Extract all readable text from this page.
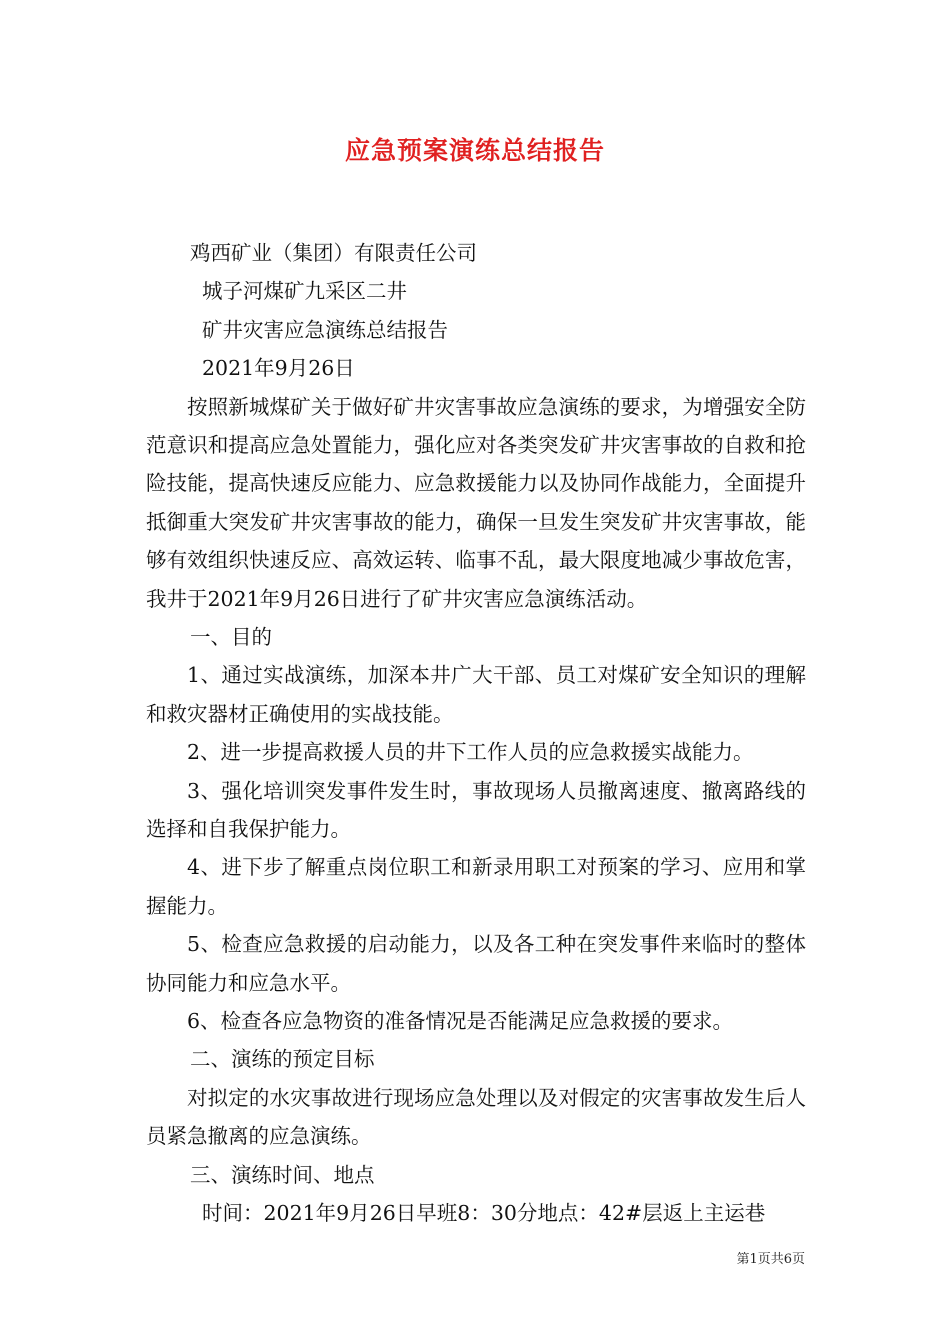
应急预案演练总结报告
鸡西矿业（集团）有限责任公司
城子河煤矿九采区二井
矿井灾害应急演练总结报告
2021年9月26日

按照新城煤矿关于做好矿井灾害事故应急演练的要求，为增强安全防范意识和提高应急处置能力，强化应对各类突发矿井灾害事故的自救和抢险技能，提高快速反应能力、应急救援能力以及协同作战能力，全面提升抵御重大突发矿井灾害事故的能力，确保一旦发生突发矿井灾害事故，能够有效组织快速反应、高效运转、临事不乱，最大限度地减少事故危害，我井于2021年9月26日进行了矿井灾害应急演练活动。

一、目的

1、通过实战演练，加深本井广大干部、员工对煤矿安全知识的理解和救灾器材正确使用的实战技能。

2、进一步提高救援人员的井下工作人员的应急救援实战能力。

3、强化培训突发事件发生时，事故现场人员撤离速度、撤离路线的选择和自我保护能力。

4、进下步了解重点岗位职工和新录用职工对预案的学习、应用和掌握能力。

5、检查应急救援的启动能力，以及各工种在突发事件来临时的整体协同能力和应急水平。

6、检查各应急物资的准备情况是否能满足应急救援的要求。

二、演练的预定目标

对拟定的水灾事故进行现场应急处理以及对假定的灾害事故发生后人员紧急撤离的应急演练。

三、演练时间、地点
时间：2021年9月26日早班8：30分地点：42#层返上主运巷
第1页共6页
